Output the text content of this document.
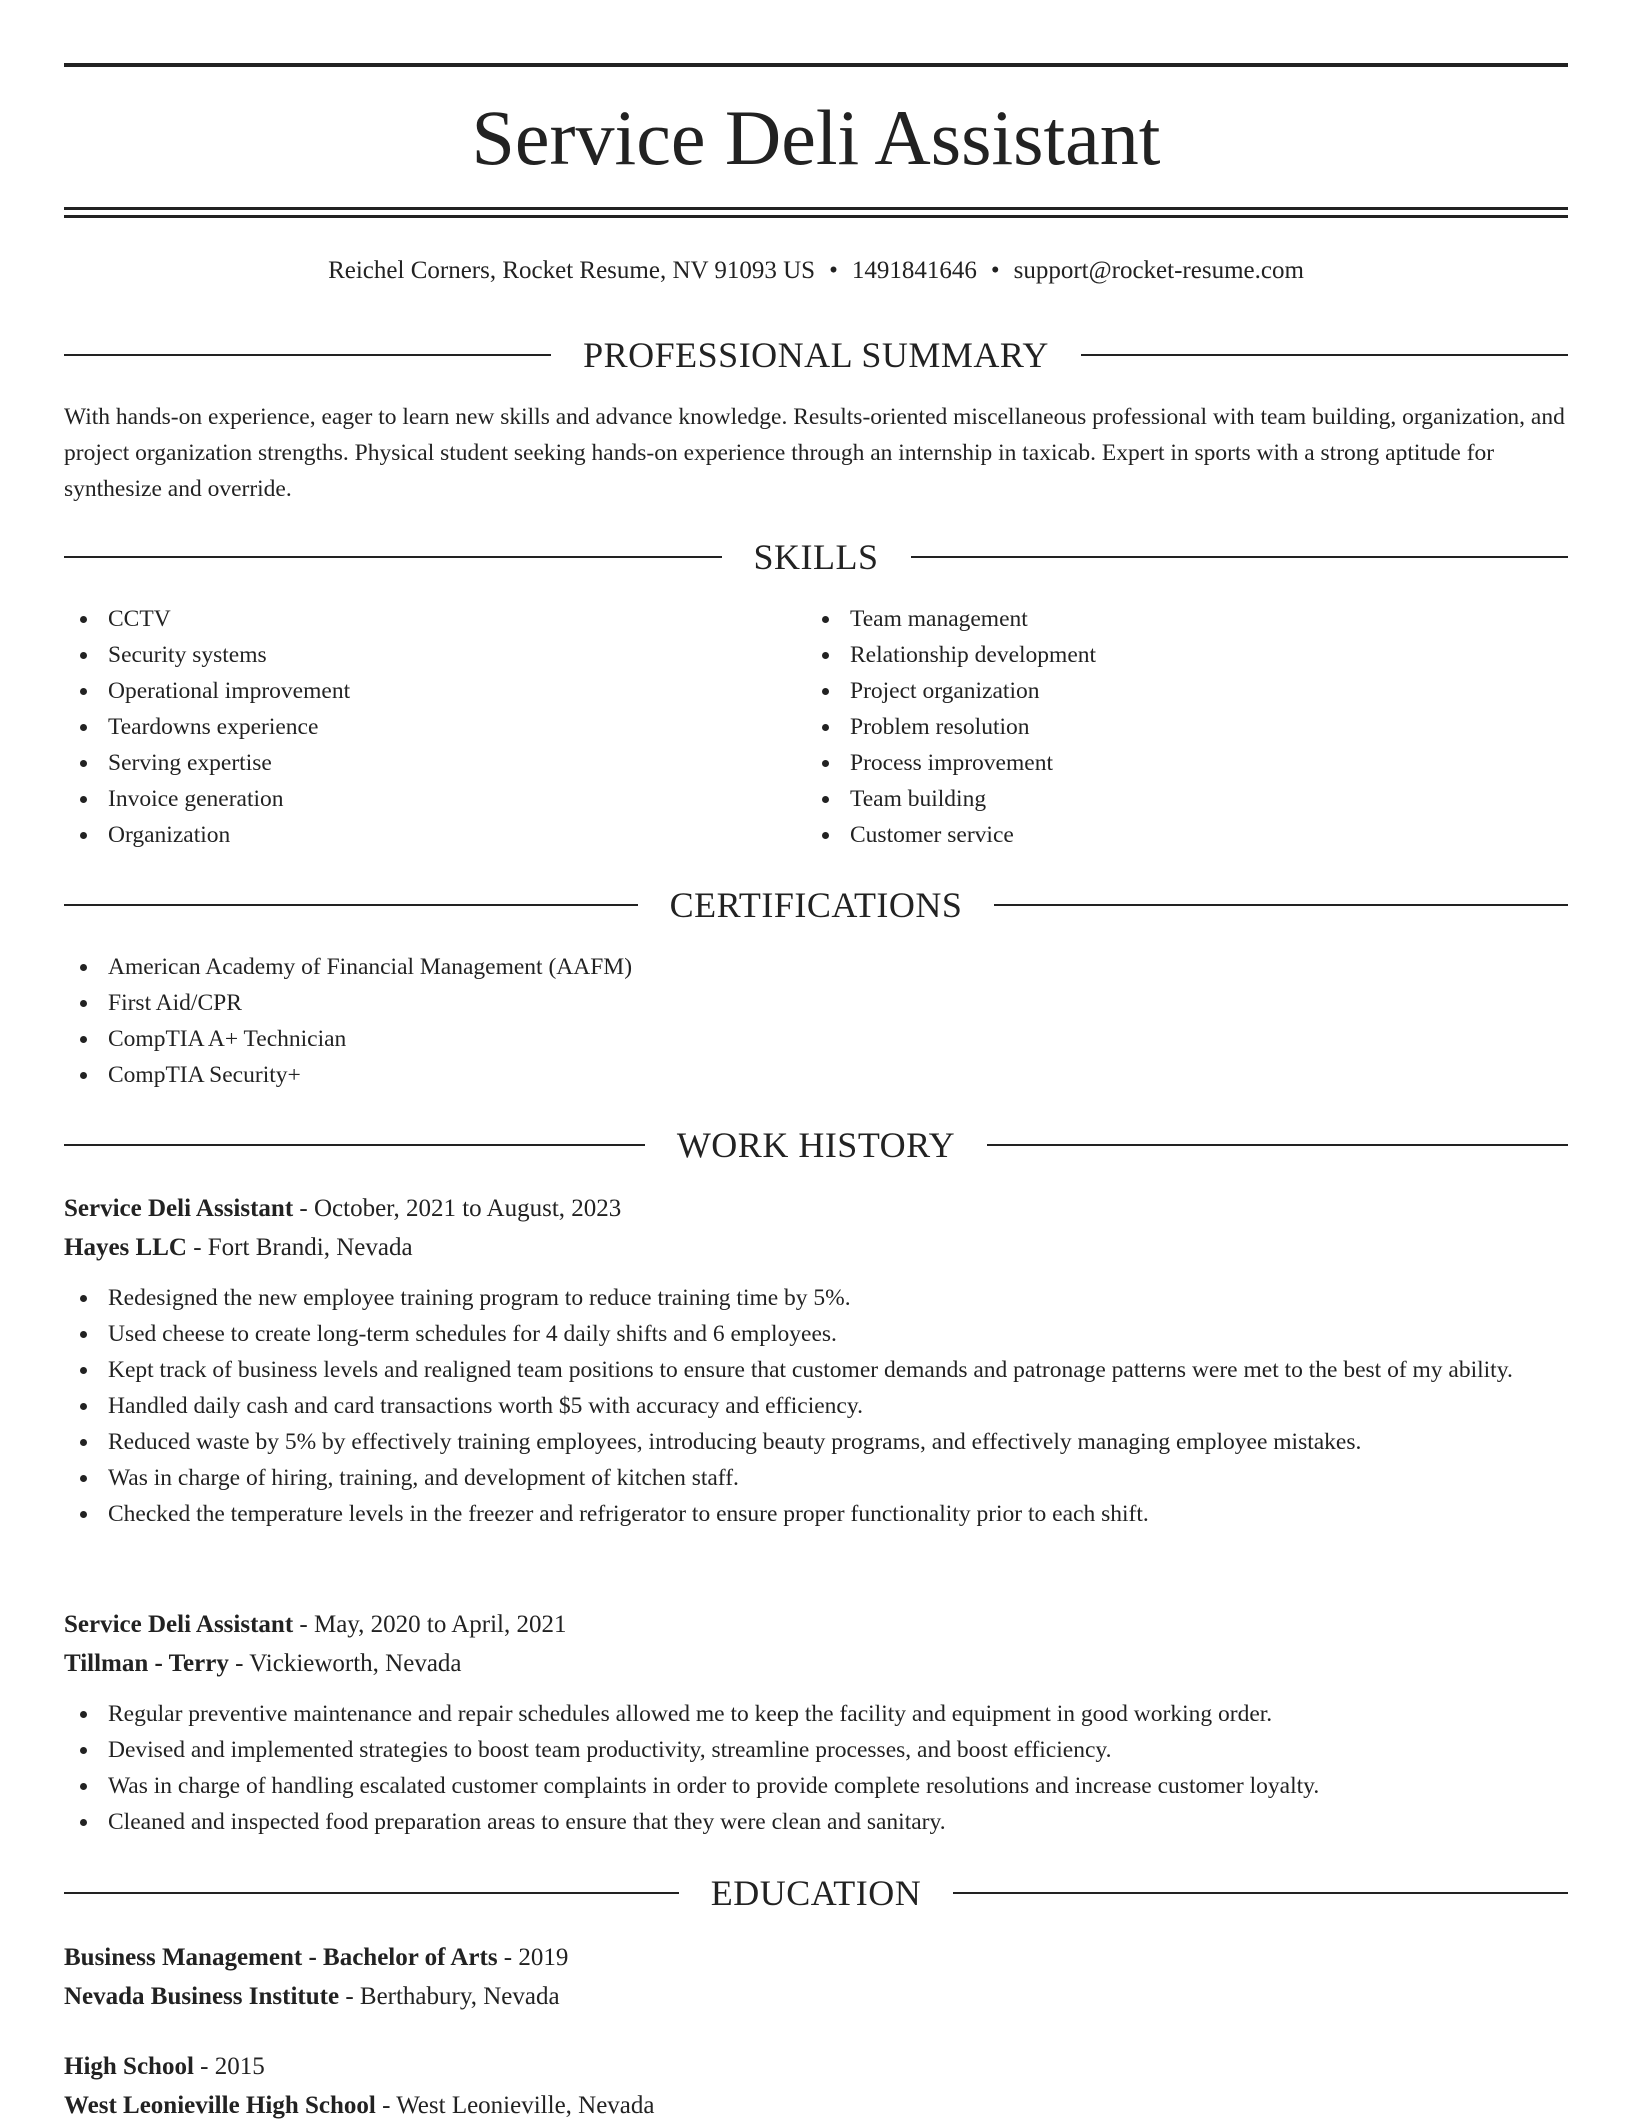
Service Deli Assistant
Reichel Corners, Rocket Resume, NV 91093 US • 1491841646 • support@rocket-resume.com
PROFESSIONAL SUMMARY

With hands-on experience, eager to learn new skills and advance knowledge. Results-oriented miscellaneous professional with team building, organization, and project organization strengths. Physical student seeking hands-on experience through an internship in taxicab. Expert in sports with a strong aptitude for synthesize and override.

SKILLS
CCTV
Security systems
Operational improvement
Teardowns experience
Serving expertise
Invoice generation
Organization
Team management
Relationship development
Project organization
Problem resolution
Process improvement
Team building
Customer service
CERTIFICATIONS
American Academy of Financial Management (AAFM)
First Aid/CPR
CompTIA A+ Technician
CompTIA Security+
WORK HISTORY
Service Deli Assistant - October, 2021 to August, 2023
Hayes LLC - Fort Brandi, Nevada
Redesigned the new employee training program to reduce training time by 5%.
Used cheese to create long-term schedules for 4 daily shifts and 6 employees.
Kept track of business levels and realigned team positions to ensure that customer demands and patronage patterns were met to the best of my ability.
Handled daily cash and card transactions worth $5 with accuracy and efficiency.
Reduced waste by 5% by effectively training employees, introducing beauty programs, and effectively managing employee mistakes.
Was in charge of hiring, training, and development of kitchen staff.
Checked the temperature levels in the freezer and refrigerator to ensure proper functionality prior to each shift.
Service Deli Assistant - May, 2020 to April, 2021
Tillman - Terry - Vickieworth, Nevada
Regular preventive maintenance and repair schedules allowed me to keep the facility and equipment in good working order.
Devised and implemented strategies to boost team productivity, streamline processes, and boost efficiency.
Was in charge of handling escalated customer complaints in order to provide complete resolutions and increase customer loyalty.
Cleaned and inspected food preparation areas to ensure that they were clean and sanitary.
EDUCATION
Business Management - Bachelor of Arts - 2019
Nevada Business Institute - Berthabury, Nevada
High School - 2015
West Leonieville High School - West Leonieville, Nevada
